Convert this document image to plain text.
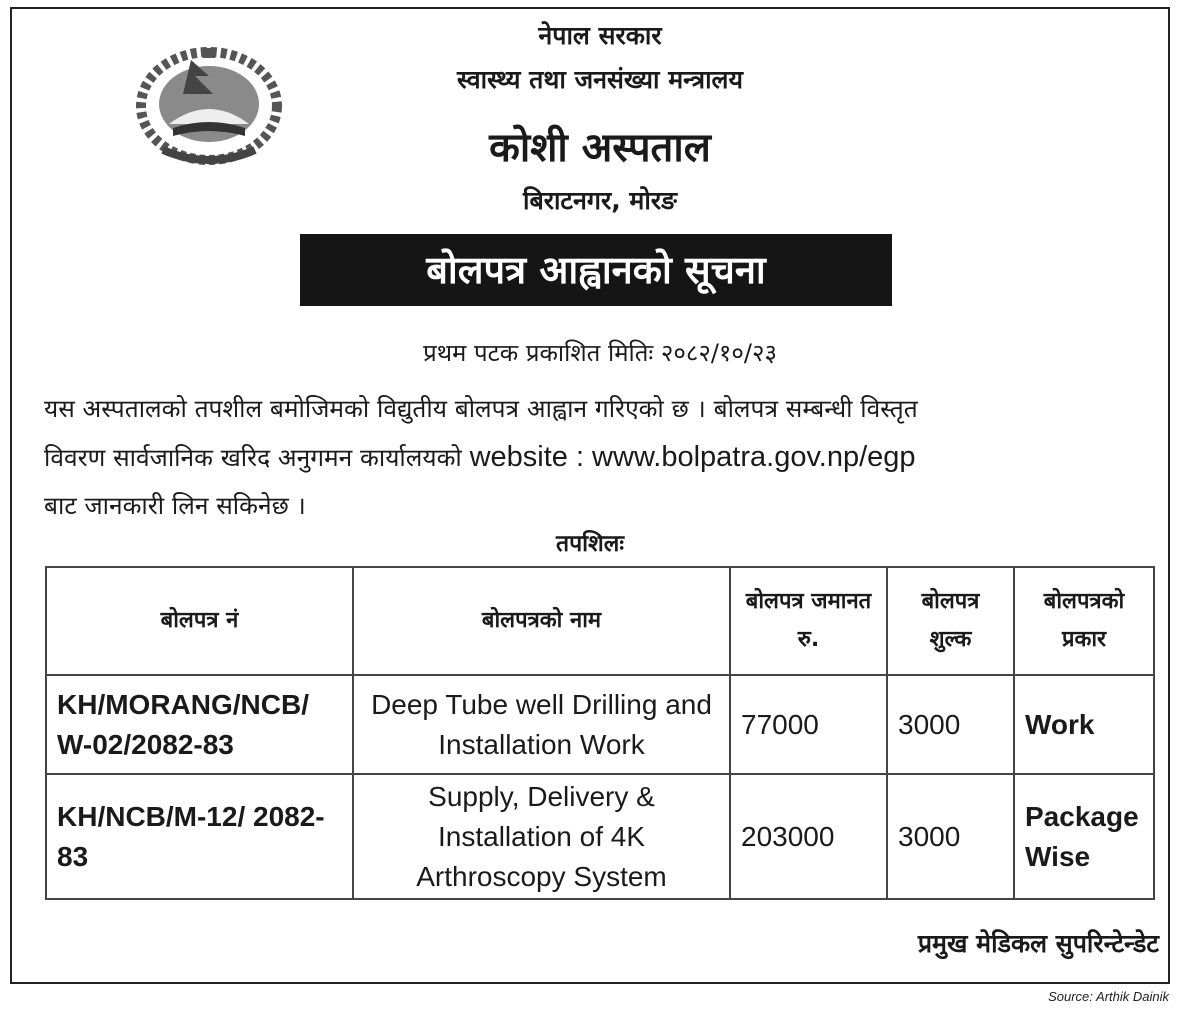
नेपाल सरकार
स्वास्थ्य तथा जनसंख्या मन्त्रालय
कोशी अस्पताल
बिराटनगर, मोरङ
बोलपत्र आह्वानको सूचना
प्रथम पटक प्रकाशित मितिः २०८२/१०/२३
यस अस्पतालको तपशील बमोजिमको विद्युतीय बोलपत्र आह्वान गरिएको छ । बोलपत्र सम्बन्धी विस्तृत
विवरण सार्वजानिक खरिद अनुगमन कार्यालयको website : www.bolpatra.gov.np/egp
बाट जानकारी लिन सकिनेछ ।
तपशिलः
बोलपत्र नं	बोलपत्रको नाम	बोलपत्र जमानत रु.	बोलपत्र शुल्क	बोलपत्रको प्रकार
KH/MORANG/NCB/ W-02/2082-83	Deep Tube well Drilling and Installation Work	77000	3000	Work
KH/NCB/M-12/ 2082-83	Supply, Delivery & Installation of 4K Arthroscopy System	203000	3000	Package Wise
प्रमुख मेडिकल सुपरिन्टेन्डेट
Source: Arthik Dainik
